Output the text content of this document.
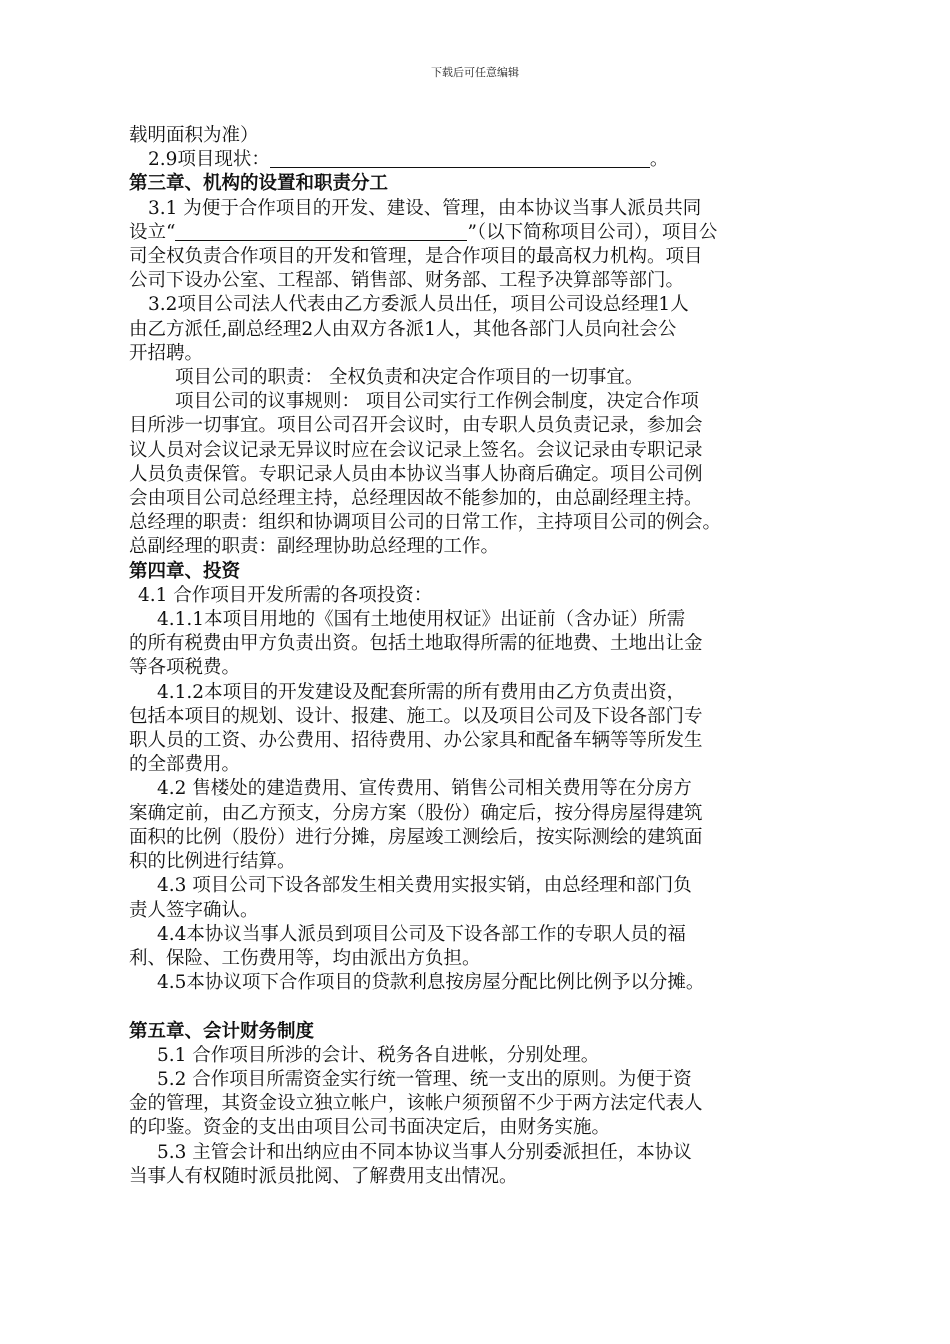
下载后可任意编辑
载明面积为准）
2.9项目现状：	。
第三章、机构的设置和职责分工
3.1 为便于合作项目的开发、建设、管理，由本协议当事人派员共同
设立“	”（以下简称项目公司），项目公
司全权负责合作项目的开发和管理，是合作项目的最高权力机构。项目
公司下设办公室、工程部、销售部、财务部、工程予决算部等部门。
3.2项目公司法人代表由乙方委派人员出任，项目公司设总经理1人
由乙方派任,副总经理2人由双方各派1人，其他各部门人员向社会公
开招聘。
项目公司的职责： 全权负责和决定合作项目的一切事宜。
项目公司的议事规则： 项目公司实行工作例会制度，决定合作项
目所涉一切事宜。项目公司召开会议时，由专职人员负责记录，参加会
议人员对会议记录无异议时应在会议记录上签名。会议记录由专职记录
人员负责保管。专职记录人员由本协议当事人协商后确定。项目公司例
会由项目公司总经理主持，总经理因故不能参加的，由总副经理主持。
总经理的职责：组织和协调项目公司的日常工作，主持项目公司的例会。
总副经理的职责：副经理协助总经理的工作。
第四章、投资
4.1 合作项目开发所需的各项投资：
4.1.1本项目用地的《国有土地使用权证》出证前（含办证）所需
的所有税费由甲方负责出资。包括土地取得所需的征地费、土地出让金
等各项税费。
4.1.2本项目的开发建设及配套所需的所有费用由乙方负责出资，
包括本项目的规划、设计、报建、施工。以及项目公司及下设各部门专
职人员的工资、办公费用、招待费用、办公家具和配备车辆等等所发生
的全部费用。
4.2 售楼处的建造费用、宣传费用、销售公司相关费用等在分房方
案确定前，由乙方预支，分房方案（股份）确定后，按分得房屋得建筑
面积的比例（股份）进行分摊，房屋竣工测绘后，按实际测绘的建筑面
积的比例进行结算。
4.3 项目公司下设各部发生相关费用实报实销，由总经理和部门负
责人签字确认。
4.4本协议当事人派员到项目公司及下设各部工作的专职人员的福
利、保险、工伤费用等，均由派出方负担。
4.5本协议项下合作项目的贷款利息按房屋分配比例比例予以分摊。
第五章、会计财务制度
5.1 合作项目所涉的会计、税务各自进帐，分别处理。
5.2 合作项目所需资金实行统一管理、统一支出的原则。为便于资
金的管理，其资金设立独立帐户，该帐户须预留不少于两方法定代表人
的印鉴。资金的支出由项目公司书面决定后，由财务实施。
5.3 主管会计和出纳应由不同本协议当事人分别委派担任，本协议
当事人有权随时派员批阅、了解费用支出情况。
